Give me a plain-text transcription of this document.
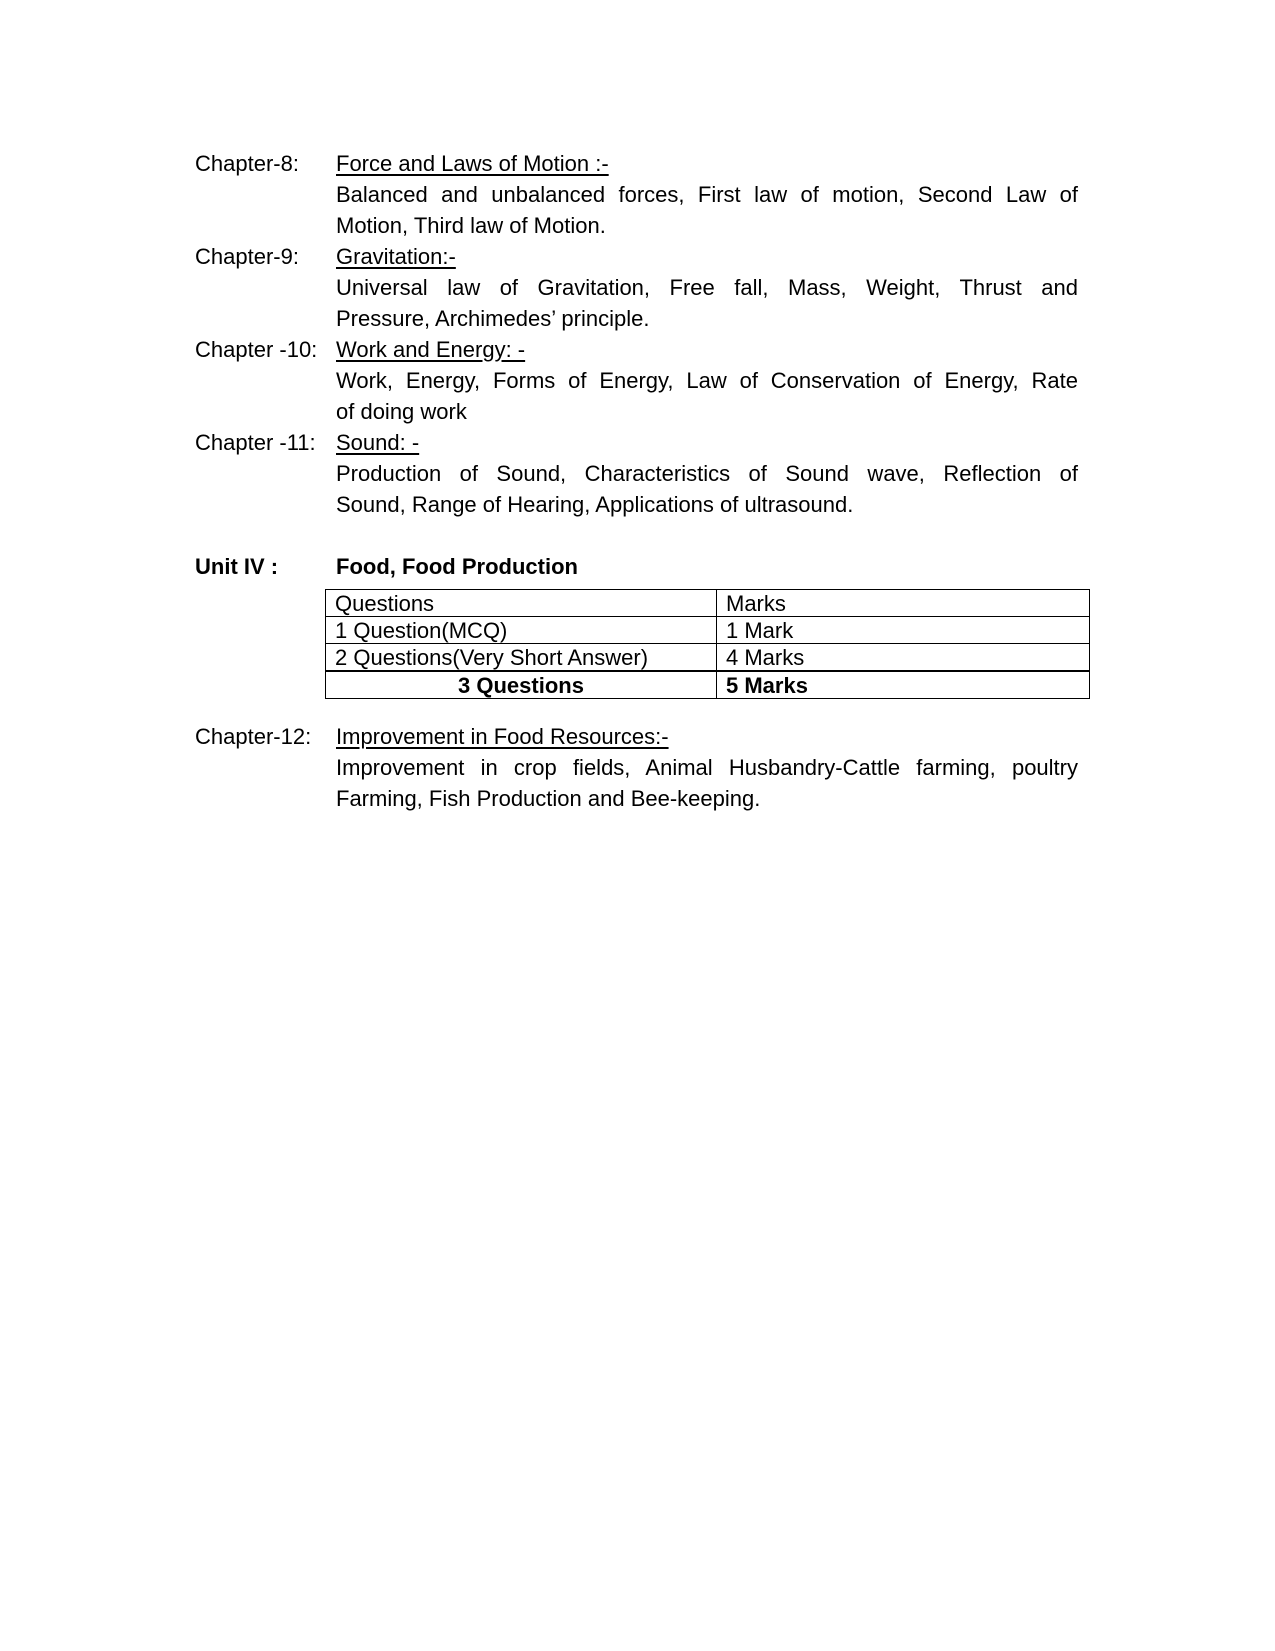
Chapter-8: Force and Laws of Motion :-
Balanced and unbalanced forces, First law of motion, Second Law of
Motion, Third law of Motion.
Chapter-9: Gravitation:-
Universal law of Gravitation, Free fall, Mass, Weight, Thrust and
Pressure, Archimedes’ principle.
Chapter -10: Work and Energy: -
Work, Energy, Forms of Energy, Law of Conservation of Energy, Rate
of doing work
Chapter -11: Sound: -
Production of Sound, Characteristics of Sound wave, Reflection of
Sound, Range of Hearing, Applications of ultrasound.
Unit IV :	Food, Food Production
Questions	Marks
1 Question(MCQ)	1 Mark
2 Questions(Very Short Answer)	4 Marks
3 Questions	5 Marks
Chapter-12: Improvement in Food Resources:-
Improvement in crop fields, Animal Husbandry-Cattle farming, poultry
Farming, Fish Production and Bee-keeping.
